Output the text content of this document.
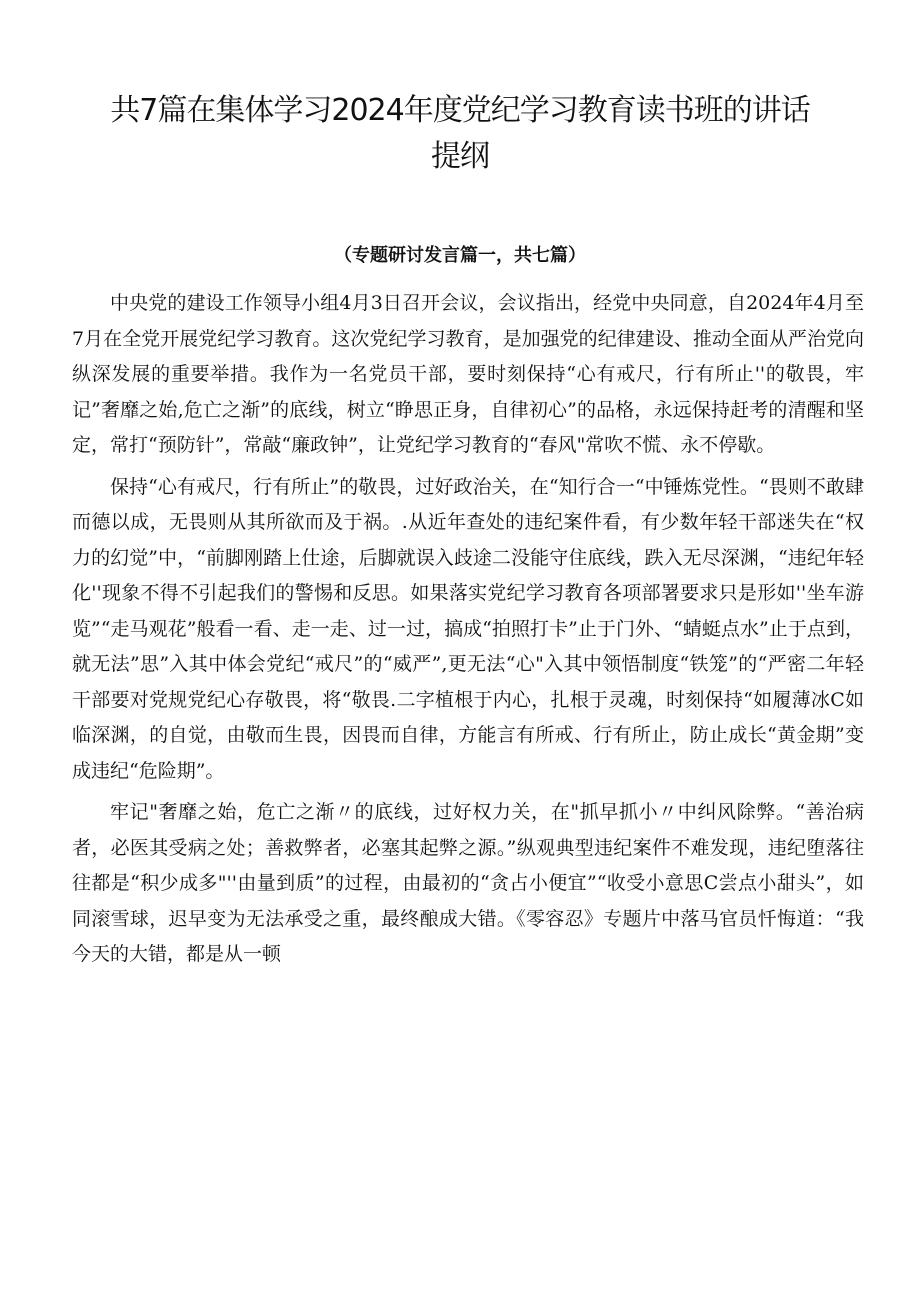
共7篇在集体学习2024年度党纪学习教育读书班的讲话提纲
（专题研讨发言篇一，共七篇）

中央党的建设工作领导小组4月3日召开会议，会议指出，经党中央同意，自2024年4月至7月在全党开展党纪学习教育。这次党纪学习教育，是加强党的纪律建设、推动全面从严治党向纵深发展的重要举措。我作为一名党员干部，要时刻保持“心有戒尺，行有所止''的敬畏，牢记”奢靡之始,危亡之渐”的底线，树立“睁思正身，自律初心”的品格，永远保持赶考的清醒和坚定，常打“预防针”，常敲“廉政钟”，让党纪学习教育的“春风"常吹不慌、永不停歇。

保持“心有戒尺，行有所止”的敬畏，过好政治关，在“知行合一“中锤炼党性。“畏则不敢肆而德以成，无畏则从其所欲而及于祸。.从近年查处的违纪案件看，有少数年轻干部迷失在“权力的幻觉”中，“前脚刚踏上仕途，后脚就误入歧途二没能守住底线，跌入无尽深渊，“违纪年轻化''现象不得不引起我们的警惕和反思。如果落实党纪学习教育各项部署要求只是形如''坐车游览”“走马观花”般看一看、走一走、过一过，搞成“拍照打卡”止于门外、“蜻蜓点水”止于点到，就无法”思”入其中体会党纪“戒尺”的“威严”,更无法“心"入其中领悟制度“铁笼”的“严密二年轻干部要对党规党纪心存敬畏，将“敬畏.二字植根于内心，扎根于灵魂，时刻保持“如履薄冰C如临深渊，的自觉，由敬而生畏，因畏而自律，方能言有所戒、行有所止，防止成长“黄金期”变成违纪“危险期”。

牢记"奢靡之始，危亡之渐〃的底线，过好权力关，在"抓早抓小〃中纠风除弊。“善治病者，必医其受病之处；善救弊者，必塞其起弊之源。”纵观典型违纪案件不难发现，违纪堕落往往都是“积少成多"''由量到质”的过程，由最初的“贪占小便宜”“收受小意思C尝点小甜头”，如同滚雪球，迟早变为无法承受之重，最终酿成大错。《零容忍》专题片中落马官员忏悔道：“我今天的大错，都是从一顿
